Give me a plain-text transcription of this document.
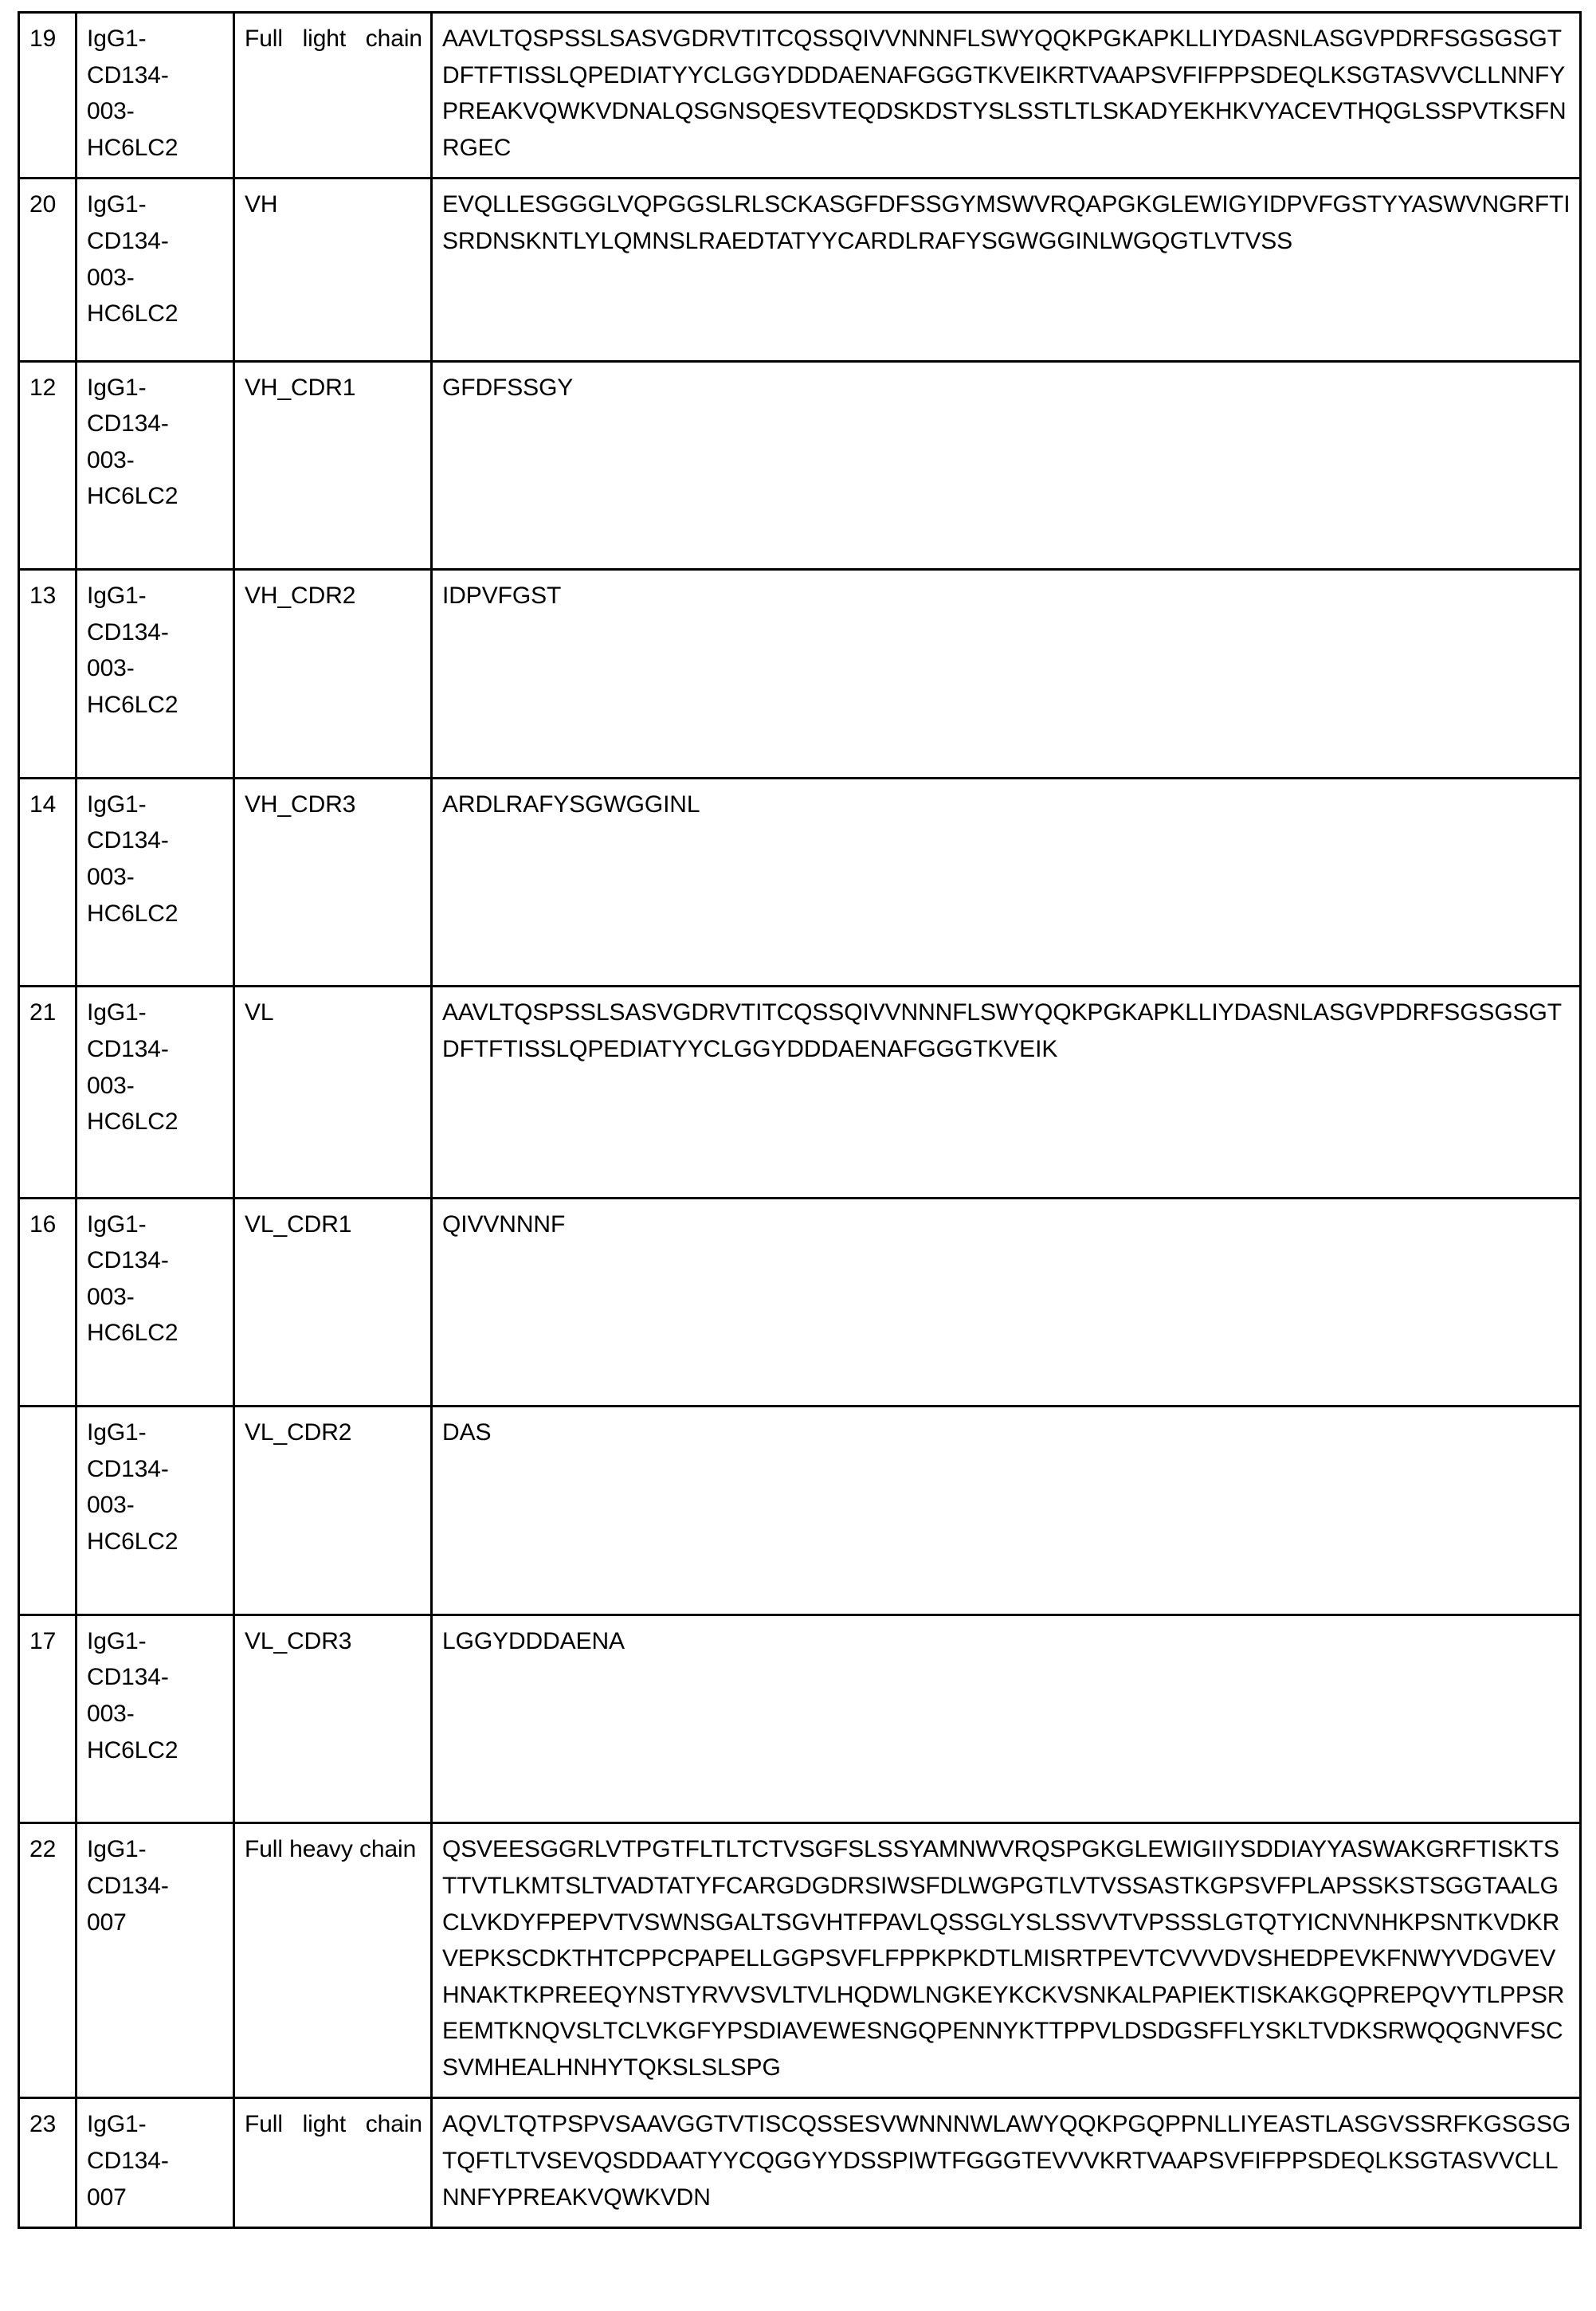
19	IgG1-
CD134-
003-
HC6LC2
	Full light chain	AAVLTQSPSSLSASVGDRVTITCQSSQIVVNNNFLSWYQQKPGKAPKLLIYDASNLASGVPDRFSGSGSGTDFTFTISSLQPEDIATYYCLGGYDDDAENAFGGGTKVEIKRTVAAPSVFIFPPSDEQLKSGTASVVCLLNNFYPREAKVQWKVDNALQSGNSQESVTEQDSKDSTYSLSSTLTLSKADYEKHKVYACEVTHQGLSSPVTKSFNRGEC

20	IgG1-
CD134-
003-
HC6LC2	VH	EVQLLESGGGLVQPGGSLRLSCKASGFDFSSGYMSWVRQAPGKGLEWIGYIDPVFGSTYYASWVNGRFTISRDNSKNTLYLQMNSLRAEDTATYYCARDLRAFYSGWGGINLWGQGTLVTVSS

12	IgG1-
CD134-
003-
HC6LC2	VH_CDR1	GFDFSSGY

13	IgG1-
CD134-
003-
HC6LC2	VH_CDR2	IDPVFGST

14	IgG1-
CD134-
003-
HC6LC2	VH_CDR3	ARDLRAFYSGWGGINL

21	IgG1-
CD134-
003-
HC6LC2	VL	AAVLTQSPSSLSASVGDRVTITCQSSQIVVNNNFLSWYQQKPGKAPKLLIYDASNLASGVPDRFSGSGSGTDFTFTISSLQPEDIATYYCLGGYDDDAENAFGGGTKVEIK

16	IgG1-
CD134-
003-
HC6LC2	VL_CDR1	QIVVNNNF

	IgG1-
CD134-
003-
HC6LC2	VL_CDR2	DAS

17	IgG1-
CD134-
003-
HC6LC2	VL_CDR3	LGGYDDDAENA

22	IgG1-
CD134-
007
	Full heavy chain	QSVEESGGRLVTPGTFLTLTCTVSGFSLSSYAMNWVRQSPGKGLEWIGIIYSDDIAYYASWAKGRFTISKTSTTVTLKMTSLTVADTATYFCARGDGDRSIWSFDLWGPGTLVTVSSASTKGPSVFPLAPSSKSTSGGTAALGCLVKDYFPEPVTVSWNSGALTSGVHTFPAVLQSSGLYSLSSVVTVPSSSLGTQTYICNVNHKPSNTKVDKRVEPKSCDKTHTCPPCPAPELLGGPSVFLFPPKPKDTLMISRTPEVTCVVVDVSHEDPEVKFNWYVDGVEVHNAKTKPREEQYNSTYRVVSVLTVLHQDWLNGKEYKCKVSNKALPAPIEKTISKAKGQPREPQVYTLPPSREEMTKNQVSLTCLVKGFYPSDIAVEWESNGQPENNYKTTPPVLDSDGSFFLYSKLTVDKSRWQQGNVFSCSVMHEALHNHYTQKSLSLSPG

23	IgG1-
CD134-
007	Full light chain	AQVLTQTPSPVSAAVGGTVTISCQSSESVWNNNWLAWYQQKPGQPPNLLIYEASTLASGVSSRFKGSGSGTQFTLTVSEVQSDDAATYYCQGGYYDSSPIWTFGGGTEVVVKRTVAAPSVFIFPPSDEQLKSGTASVVCLLNNFYPREAKVQWKVDN
